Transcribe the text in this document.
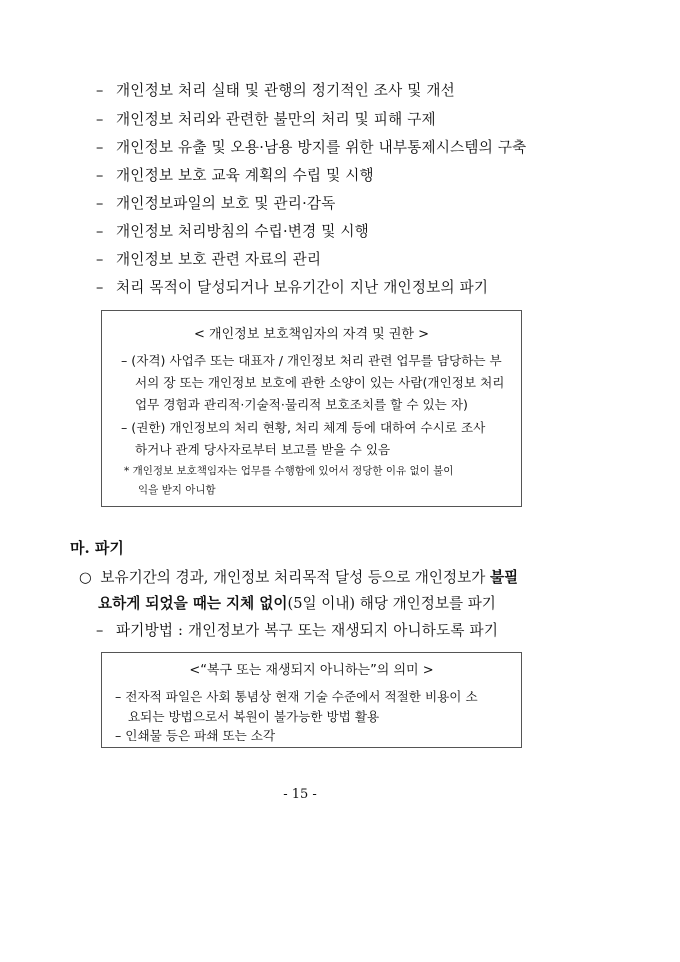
– 개인정보 처리 실태 및 관행의 정기적인 조사 및 개선
– 개인정보 처리와 관련한 불만의 처리 및 피해 구제
– 개인정보 유출 및 오용·남용 방지를 위한 내부통제시스템의 구축
– 개인정보 보호 교육 계획의 수립 및 시행
– 개인정보파일의 보호 및 관리·감독
– 개인정보 처리방침의 수립·변경 및 시행
– 개인정보 보호 관련 자료의 관리
– 처리 목적이 달성되거나 보유기간이 지난 개인정보의 파기
< 개인정보 보호책임자의 자격 및 권한 >
– (자격) 사업주 또는 대표자 / 개인정보 처리 관련 업무를 담당하는 부
서의 장 또는 개인정보 보호에 관한 소양이 있는 사람(개인정보 처리
업무 경험과 관리적·기술적·물리적 보호조치를 할 수 있는 자)
– (권한) 개인정보의 처리 현황, 처리 체계 등에 대하여 수시로 조사
하거나 관계 당사자로부터 보고를 받을 수 있음
* 개인정보 보호책임자는 업무를 수행함에 있어서 정당한 이유 없이 불이
익을 받지 아니함
마. 파기
○ 보유기간의 경과, 개인정보 처리목적 달성 등으로 개인정보가 불필
요하게 되었을 때는 지체 없이(5일 이내) 해당 개인정보를 파기
– 파기방법 : 개인정보가 복구 또는 재생되지 아니하도록 파기
<“복구 또는 재생되지 아니하는”의 의미 >
– 전자적 파일은 사회 통념상 현재 기술 수준에서 적절한 비용이 소
요되는 방법으로서 복원이 불가능한 방법 활용
– 인쇄물 등은 파쇄 또는 소각
- 15 -
